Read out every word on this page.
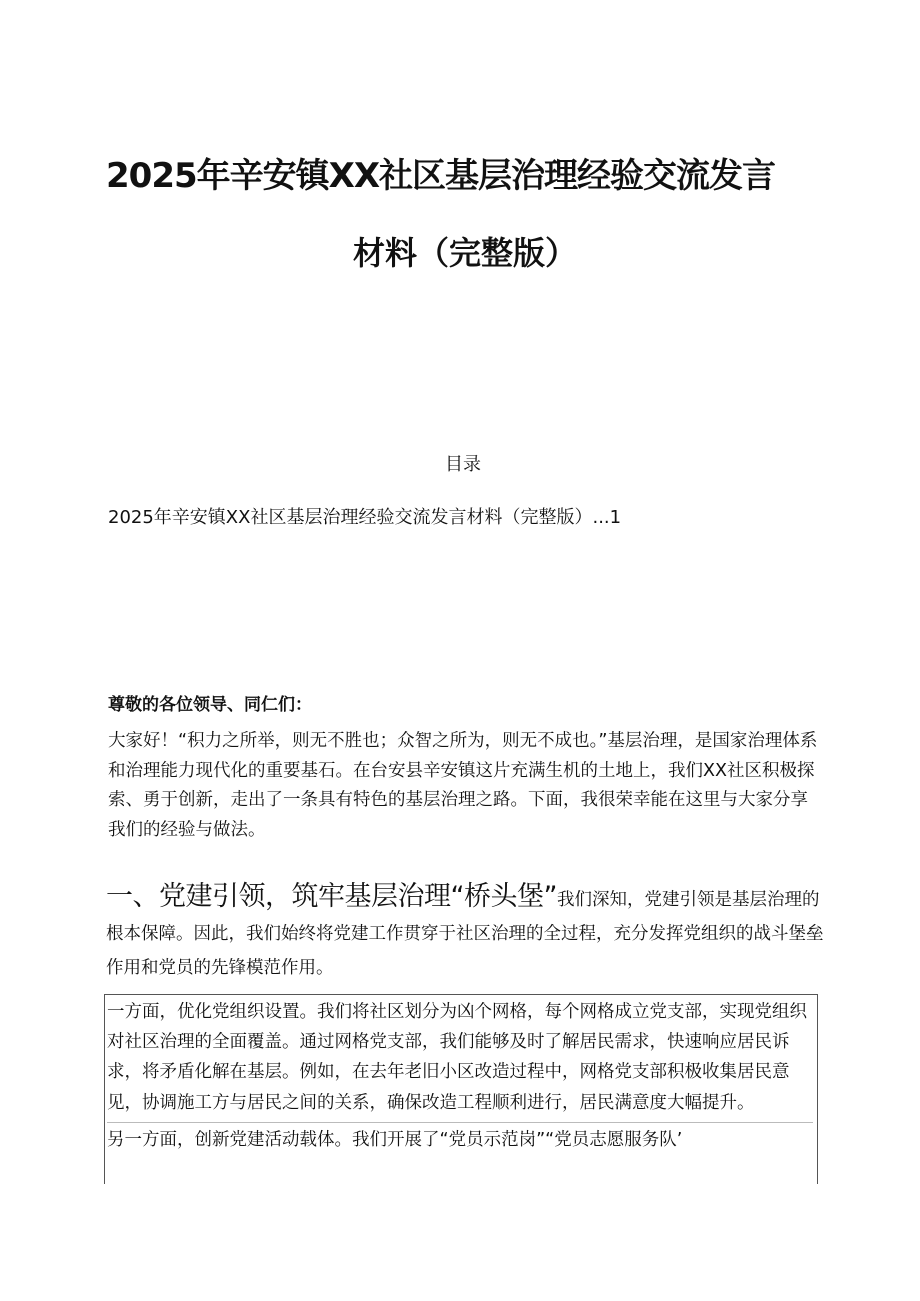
2025年辛安镇XX社区基层治理经验交流发言
材料（完整版）
目录
2025年辛安镇XX社区基层治理经验交流发言材料（完整版）...1
尊敬的各位领导、同仁们：

大家好！“积力之所举，则无不胜也；众智之所为，则无不成也。”基层治理，是国家治理体系和治理能力现代化的重要基石。在台安县辛安镇这片充满生机的土地上，我们XX社区积极探索、勇于创新，走出了一条具有特色的基层治理之路。下面，我很荣幸能在这里与大家分享我们的经验与做法。

一、党建引领，筑牢基层治理“桥头堡”我们深知，党建引领是基层治理的根本保障。因此，我们始终将党建工作贯穿于社区治理的全过程，充分发挥党组织的战斗堡垒作用和党员的先锋模范作用。

一方面，优化党组织设置。我们将社区划分为凶个网格，每个网格成立党支部，实现党组织对社区治理的全面覆盖。通过网格党支部，我们能够及时了解居民需求，快速响应居民诉求，将矛盾化解在基层。例如，在去年老旧小区改造过程中，网格党支部积极收集居民意见，协调施工方与居民之间的关系，确保改造工程顺利进行，居民满意度大幅提升。

另一方面，创新党建活动载体。我们开展了“党员示范岗”“党员志愿服务队’
